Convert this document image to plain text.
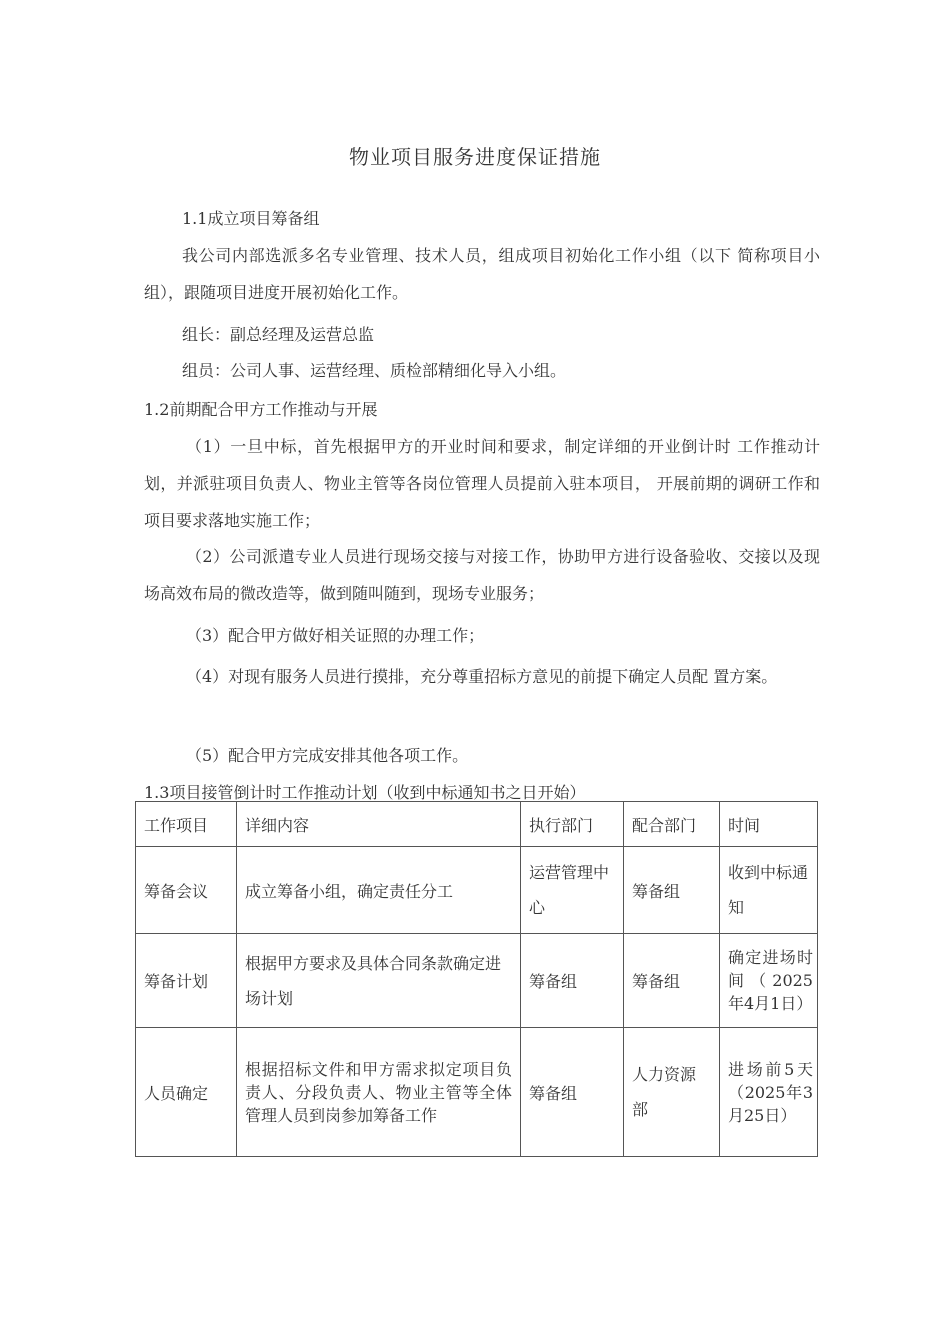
物业项目服务进度保证措施
1.1成立项目筹备组
我公司内部选派多名专业管理、技术人员，组成项目初始化工作小组（以下 简称项目小组），跟随项目进度开展初始化工作。
组长：副总经理及运营总监
组员：公司人事、运营经理、质检部精细化导入小组。
1.2前期配合甲方工作推动与开展
（1）一旦中标，首先根据甲方的开业时间和要求，制定详细的开业倒计时 工作推动计划，并派驻项目负责人、物业主管等各岗位管理人员提前入驻本项目， 开展前期的调研工作和项目要求落地实施工作；
（2）公司派遣专业人员进行现场交接与对接工作，协助甲方进行设备验收、交接以及现场高效布局的微改造等，做到随叫随到，现场专业服务；
（3）配合甲方做好相关证照的办理工作；
（4）对现有服务人员进行摸排，充分尊重招标方意见的前提下确定人员配 置方案。
（5）配合甲方完成安排其他各项工作。
1.3项目接管倒计时工作推动计划（收到中标通知书之日开始）
工作项目	详细内容	执行部门	配合部门	时间
筹备会议	成立筹备小组，确定责任分工	运营管理中心	筹备组	收到中标通知
筹备计划	根据甲方要求及具体合同条款确定进场计划	筹备组	筹备组	确定进场时间（2025年4月1日）
人员确定	根据招标文件和甲方需求拟定项目负责人、分段负责人、物业主管等全体管理人员到岗参加筹备工作	筹备组	人力资源部	进场前5天（2025年3月25日）
